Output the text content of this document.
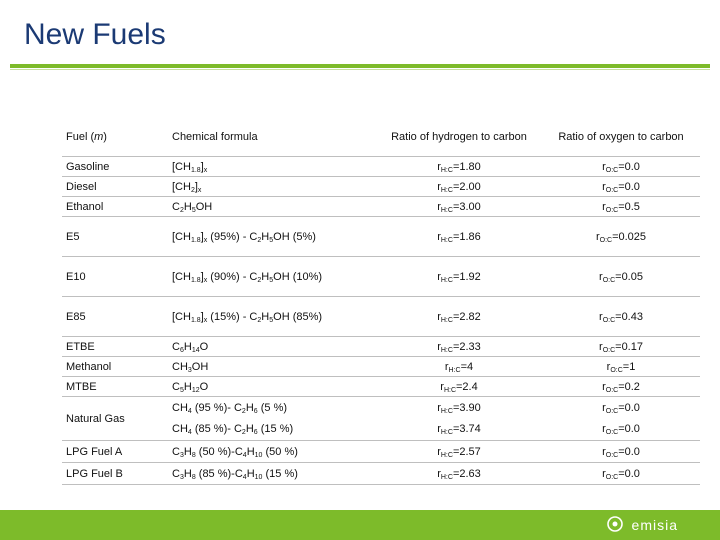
New Fuels
Fuel (m)	Chemical formula	Ratio of hydrogen to carbon	Ratio of oxygen to carbon
Gasoline	$[CH_{1.8}]_x$	$r_{H:C}=1.80$	$r_{O:C}=0.0$
Diesel	$[CH_2]_x$	$r_{H:C}=2.00$	$r_{O:C}=0.0$
Ethanol	$C_2H_5OH$	$r_{H:C}=3.00$	$r_{O:C}=0.5$
E5	$[CH_{1.8}]_x$ $(95\%) - C_2H_5OH$ (5%)	$r_{H:C}=1.86$	$r_{O:C}=0.025$
E10	$[CH_{1.8}]_x$ $(90\%) - C_2H_5OH$ (10%)	$r_{H:C}=1.92$	$r_{O:C}=0.05$
E85	$[CH_{1.8}]_x$ $(15\%) - C_2H_5OH$ (85%)	$r_{H:C}=2.82$	$r_{O:C}=0.43$
ETBE	$C_6H_{14}O$	$r_{H:C}=2.33$	$r_{O:C}=0.17$
Methanol	$CH_3OH$	$r_{H:C}=4$	$r_{O:C}=1$
MTBE	$C_5H_{12}O$	$r_{H:C}=2.4$	$r_{O:C}=0.2$
Natural Gas	$CH_4$ (95 %)- $C_2H_6$ (5 %)	$r_{H:C}=3.90$	$r_{O:C}=0.0$
	$CH_4$ (85 %)- $C_2H_6$ (15 %)	$r_{H:C}=3.74$	$r_{O:C}=0.0$
LPG Fuel A	$C_3H_8$ (50 $\%)-C_4H_{10}$ (50 %)	$r_{H:C}=2.57$	$r_{O:C}=0.0$
LPG Fuel B	$C_3H_8$ (85 $\%)-C_4H_{10}$ (15 %)	$r_{H:C}=2.63$	$r_{O:C}=0.0$
emisia
